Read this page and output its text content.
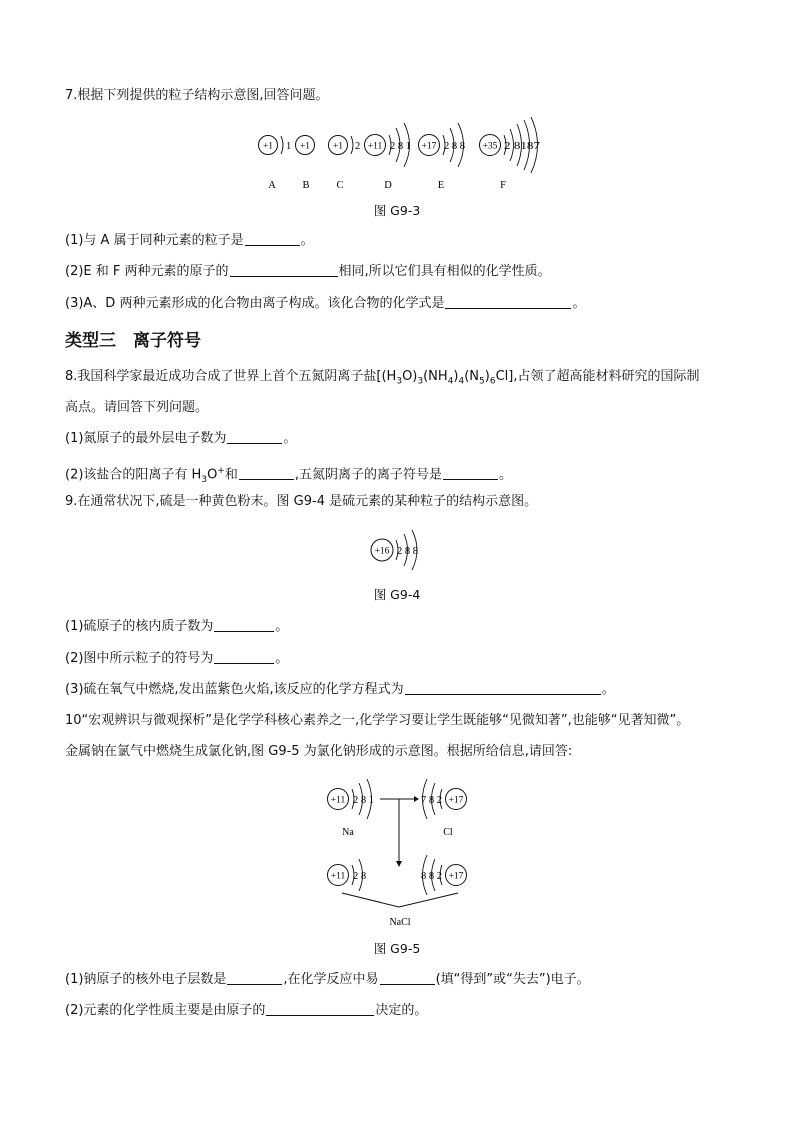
7.根据下列提供的粒子结构示意图,回答问题。
+1 1
A
+1
B
+1 2
C
+11 2 8 1
D
+17 2 8 8
E
+35 2 8187
F
图 G9-3
(1)与 A 属于同种元素的粒子是	。
(2)E 和 F 两种元素的原子的	相同,所以它们具有相似的化学性质。
(3)A、D 两种元素形成的化合物由离子构成。该化合物的化学式是	。
类型三　离子符号
8.我国科学家最近成功合成了世界上首个五氮阴离子盐$[(H_3O)_3(NH_4)_4(N_5)_6Cl]$,占领了超高能材料研究的国际制
高点。请回答下列问题。
(1)氮原子的最外层电子数为	。
(2)该盐合的阳离子有 $H_3O^+$和	,五氮阴离子的离子符号是	。
9.在通常状况下,硫是一种黄色粉末。图 G9-4 是硫元素的某种粒子的结构示意图。
+16 2 8 8
图 G9-4
(1)硫原子的核内质子数为	。
(2)图中所示粒子的符号为	。
(3)硫在氧气中燃烧,发出蓝紫色火焰,该反应的化学方程式为	。
10“宏观辨识与微观探析”是化学学科核心素养之一,化学学习要让学生既能够“见微知著”,也能够“见著知微”。
金属钠在氯气中燃烧生成氯化钠,图 G9-5 为氯化钠形成的示意图。根据所给信息,请回答:
+11 2 8 1
Na
+17
7 8 2
Cl
+11 2 8	+17
8 8 2
NaCl
图 G9-5
(1)钠原子的核外电子层数是	,在化学反应中易	(填“得到”或“失去”)电子。
(2)元素的化学性质主要是由原子的	决定的。
